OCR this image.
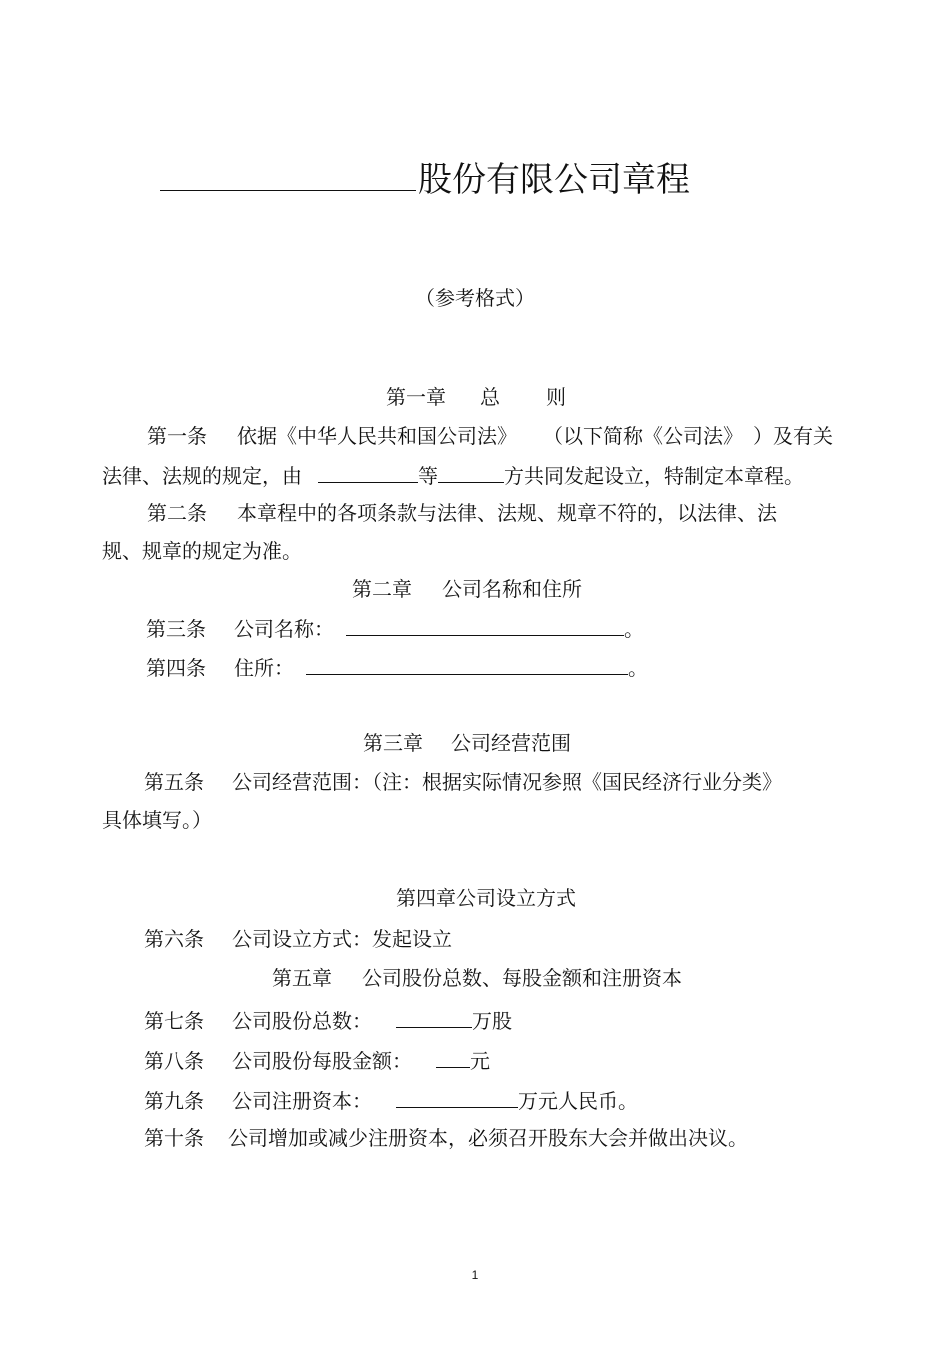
股份有限公司章程
（参考格式）
第一章 总 则
第一条 依据《中华人民共和国公司法》 （以下简称《公司法》 ）及有关
法律、法规的规定，由	等	方共同发起设立，特制定本章程。
第二条 本章程中的各项条款与法律、法规、规章不符的，以法律、法
规、规章的规定为准。
第二章 公司名称和住所
第三条 公司名称：	。
第四条 住所：	。
第三章 公司经营范围
第五条 公司经营范围：（注：根据实际情况参照《国民经济行业分类》
具体填写。）
第四章公司设立方式
第六条 公司设立方式：发起设立
第五章 公司股份总数、每股金额和注册资本
第七条 公司股份总数：	万股
第八条 公司股份每股金额：	元
第九条 公司注册资本：	万元人民币。
第十条 公司增加或减少注册资本，必须召开股东大会并做出决议。
1
